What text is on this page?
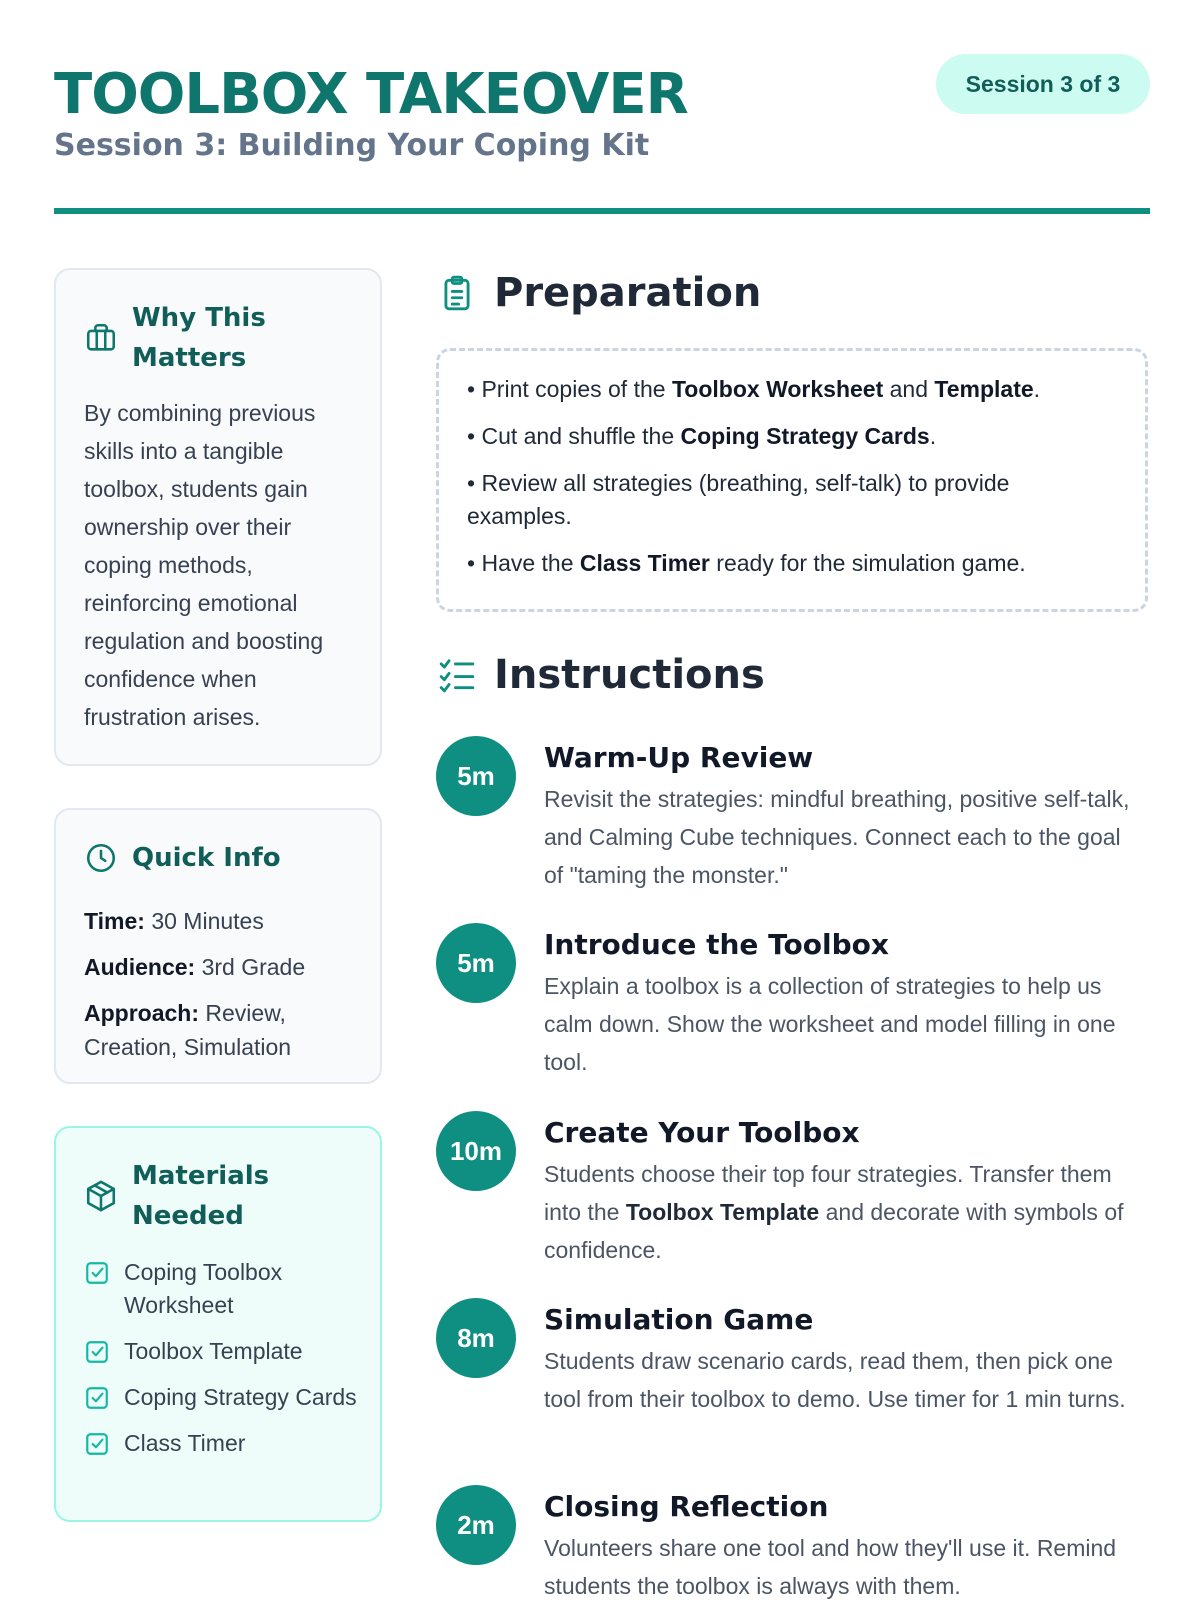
TOOLBOX TAKEOVER
Session 3: Building Your Coping Kit
Session 3 of 3
Why This Matters
By combining previous skills into a tangible toolbox, students gain ownership over their coping methods, reinforcing emotional regulation and boosting confidence when frustration arises.
Quick Info
Time: 30 Minutes
Audience: 3rd Grade
Approach: Review, Creation, Simulation
Materials Needed
Coping Toolbox Worksheet
Toolbox Template
Coping Strategy Cards
Class Timer
Preparation
• Print copies of the Toolbox Worksheet and Template.
• Cut and shuffle the Coping Strategy Cards.
• Review all strategies (breathing, self-talk) to provide examples.
• Have the Class Timer ready for the simulation game.
Instructions
5m
Warm-Up Review
Revisit the strategies: mindful breathing, positive self-talk, and Calming Cube techniques. Connect each to the goal of "taming the monster."
5m
Introduce the Toolbox
Explain a toolbox is a collection of strategies to help us calm down. Show the worksheet and model filling in one tool.
10m
Create Your Toolbox
Students choose their top four strategies. Transfer them into the Toolbox Template and decorate with symbols of confidence.
8m
Simulation Game
Students draw scenario cards, read them, then pick one tool from their toolbox to demo. Use timer for 1 min turns.
2m
Closing Reflection
Volunteers share one tool and how they'll use it. Remind students the toolbox is always with them.
